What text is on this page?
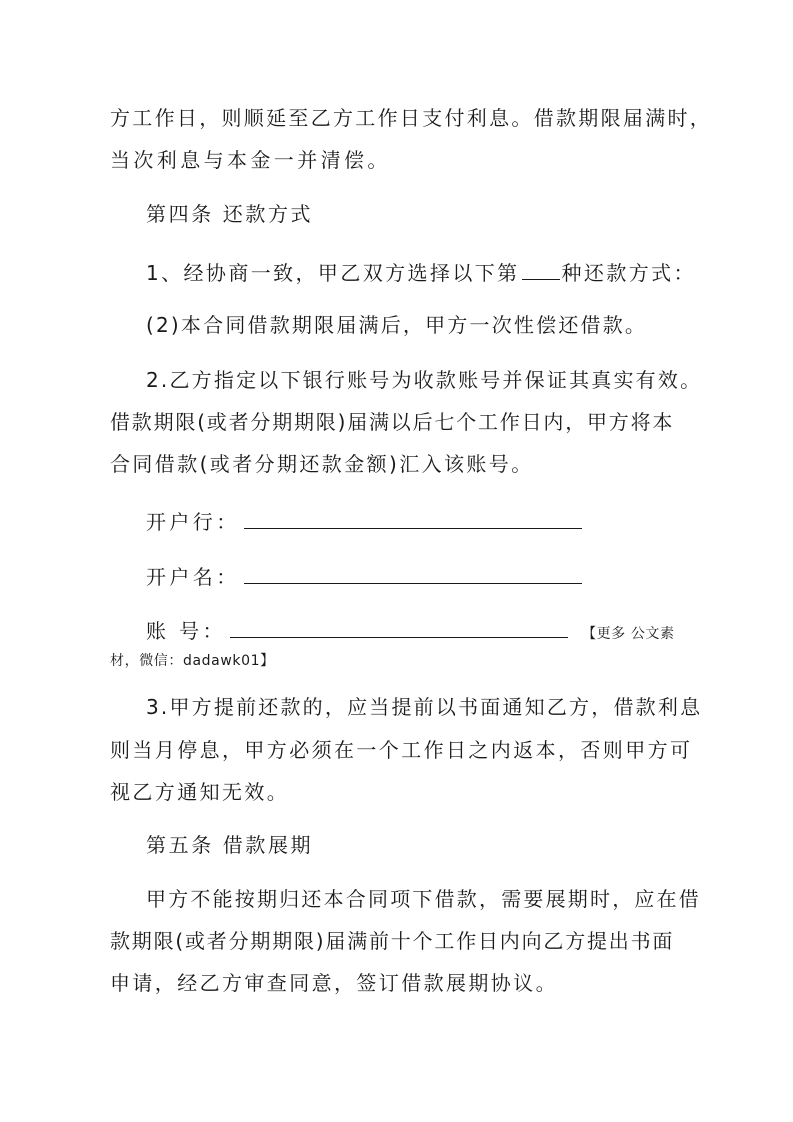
方工作日，则顺延至乙方工作日支付利息。借款期限届满时，
当次利息与本金一并清偿。
第四条 还款方式
1、经协商一致，甲乙双方选择以下第 种还款方式：
(2)本合同借款期限届满后，甲方一次性偿还借款。
2.乙方指定以下银行账号为收款账号并保证其真实有效。
借款期限(或者分期期限)届满以后七个工作日内，甲方将本
合同借款(或者分期还款金额)汇入该账号。
开户行：
开户名：
账 号：	【更多 公文素
材，微信：dadawk01】
3.甲方提前还款的，应当提前以书面通知乙方，借款利息
则当月停息，甲方必须在一个工作日之内返本，否则甲方可
视乙方通知无效。
第五条 借款展期
甲方不能按期归还本合同项下借款，需要展期时，应在借
款期限(或者分期期限)届满前十个工作日内向乙方提出书面
申请，经乙方审查同意，签订借款展期协议。
